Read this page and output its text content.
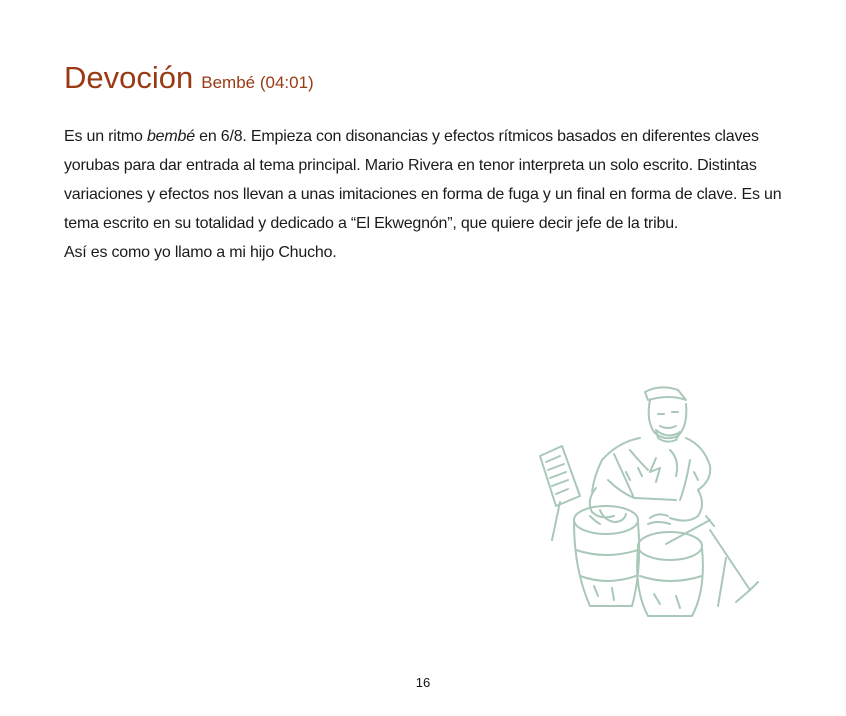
Devoción Bembé (04:01)

Es un ritmo bembé en 6/8. Empieza con disonancias y efectos rítmicos basados en diferentes claves yorubas para dar entrada al tema principal. Mario Rivera en tenor interpreta un solo escrito. Distintas variaciones y efectos nos llevan a unas imitaciones en forma de fuga y un final en forma de clave. Es un tema escrito en su totalidad y dedicado a “El Ekwegnón”, que quiere decir jefe de la tribu.

Así es como yo llamo a mi hijo Chucho.

16
